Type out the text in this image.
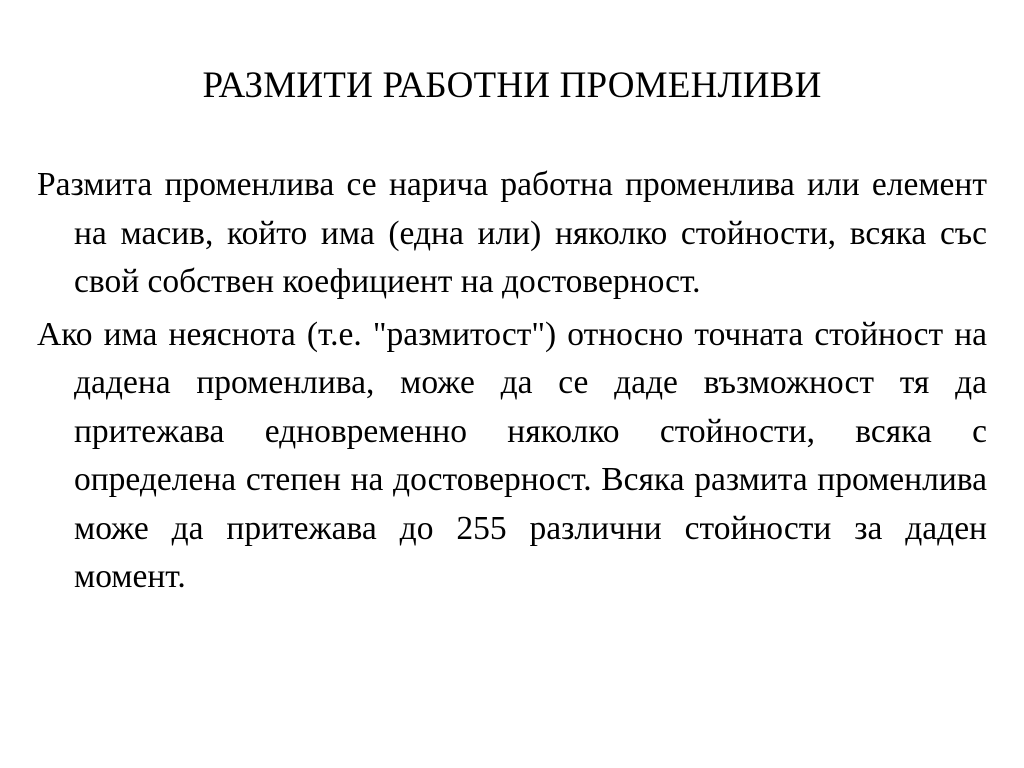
РАЗМИТИ РАБОТНИ ПРОМЕНЛИВИ

Размита променлива се нарича работна променлива или елемент на масив, който има (една или) няколко стойности, всяка със свой собствен коефициент на достоверност.

Ако има неяснота (т.е. "размитост") относно точната стойност на дадена променлива, може да се даде възможност тя да притежава едновременно няколко стойности, всяка с определена степен на достоверност. Всяка размита променлива може да притежава до 255 различни стойности за даден момент.
